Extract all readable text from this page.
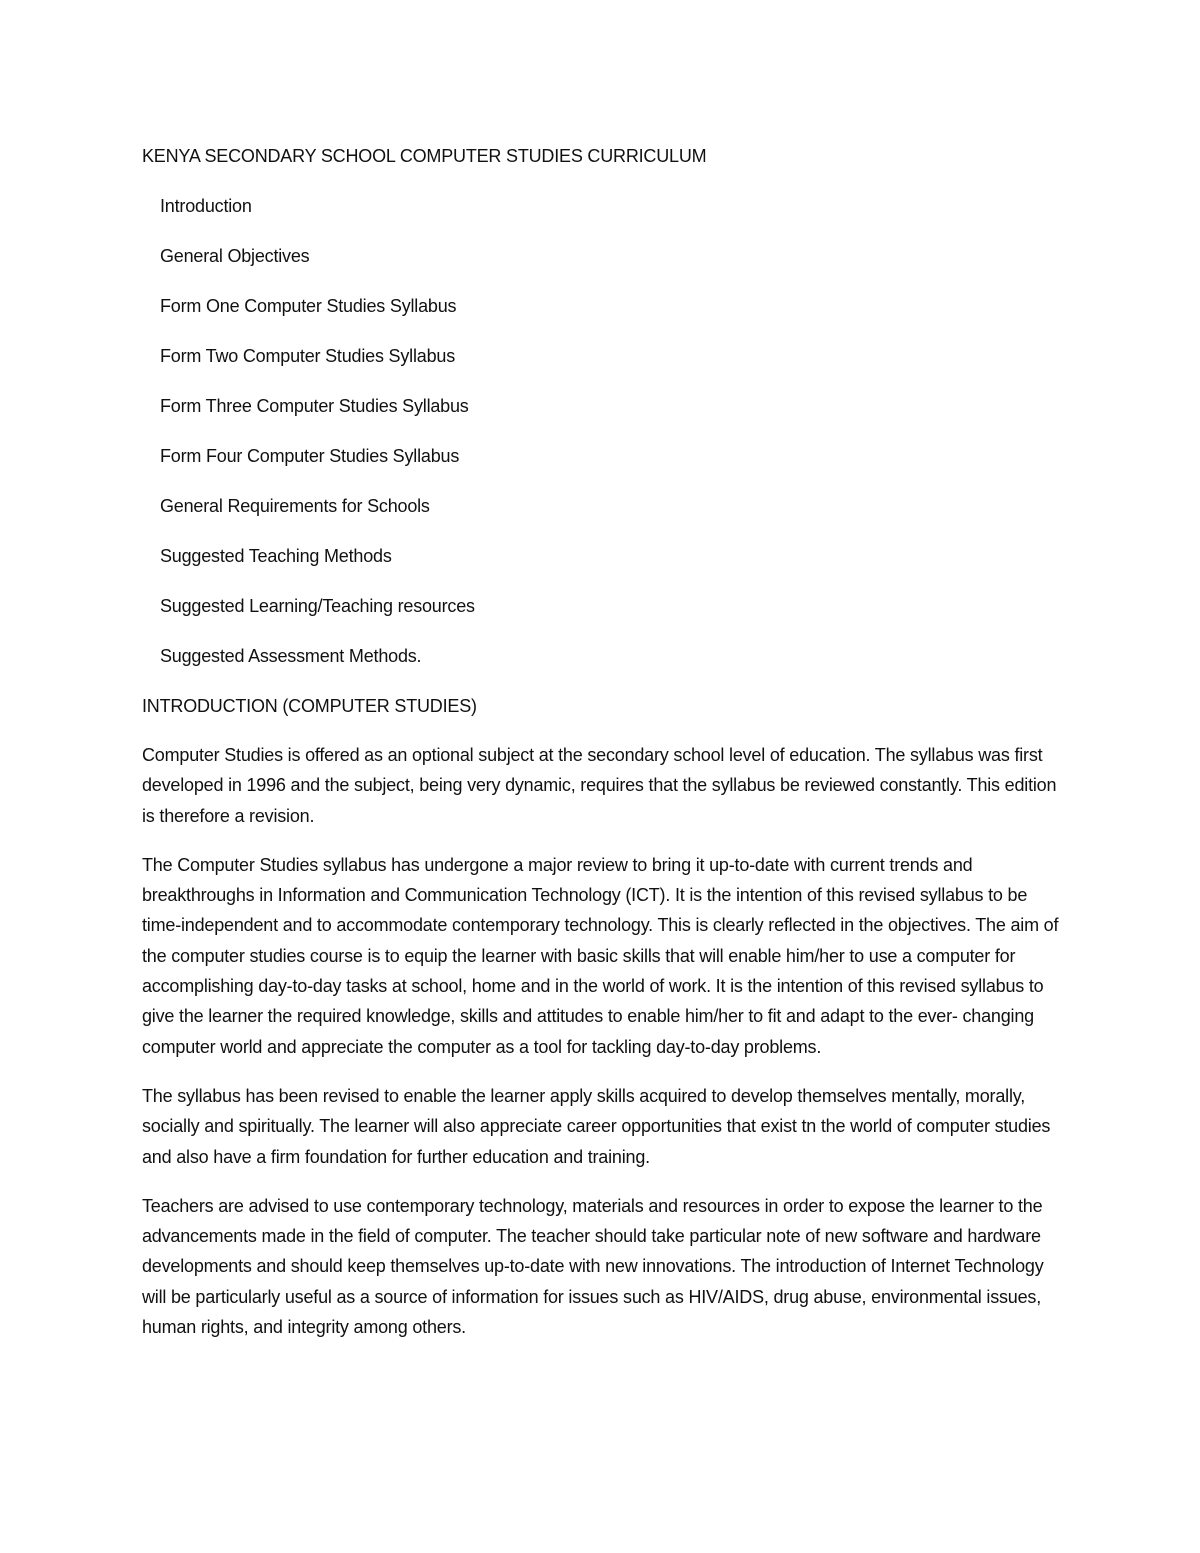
KENYA SECONDARY SCHOOL COMPUTER STUDIES CURRICULUM
Introduction
General Objectives
Form One Computer Studies Syllabus
Form Two Computer Studies Syllabus
Form Three Computer Studies Syllabus
Form Four Computer Studies Syllabus
General Requirements for Schools
Suggested Teaching Methods
Suggested Learning/Teaching resources
Suggested Assessment Methods.
INTRODUCTION (COMPUTER STUDIES)

Computer Studies is offered as an optional subject at the secondary school level of education. The syllabus was first developed in 1996 and the subject, being very dynamic, requires that the syllabus be reviewed constantly. This edition is therefore a revision.

The Computer Studies syllabus has undergone a major review to bring it up-to-date with current trends and breakthroughs in Information and Communication Technology (ICT). It is the intention of this revised syllabus to be time-independent and to accommodate contemporary technology. This is clearly reflected in the objectives. The aim of the computer studies course is to equip the learner with basic skills that will enable him/her to use a computer for accomplishing day-to-day tasks at school, home and in the world of work. It is the intention of this revised syllabus to give the learner the required knowledge, skills and attitudes to enable him/her to fit and adapt to the ever- changing computer world and appreciate the computer as a tool for tackling day-to-day problems.

The syllabus has been revised to enable the learner apply skills acquired to develop themselves mentally, morally, socially and spiritually. The learner will also appreciate career opportunities that exist tn the world of computer studies and also have a firm foundation for further education and training.

Teachers are advised to use contemporary technology, materials and resources in order to expose the learner to the advancements made in the field of computer. The teacher should take particular note of new software and hardware developments and should keep themselves up-to-date with new innovations. The introduction of Internet Technology will be particularly useful as a source of information for issues such as HIV/AIDS, drug abuse, environmental issues, human rights, and integrity among others.
